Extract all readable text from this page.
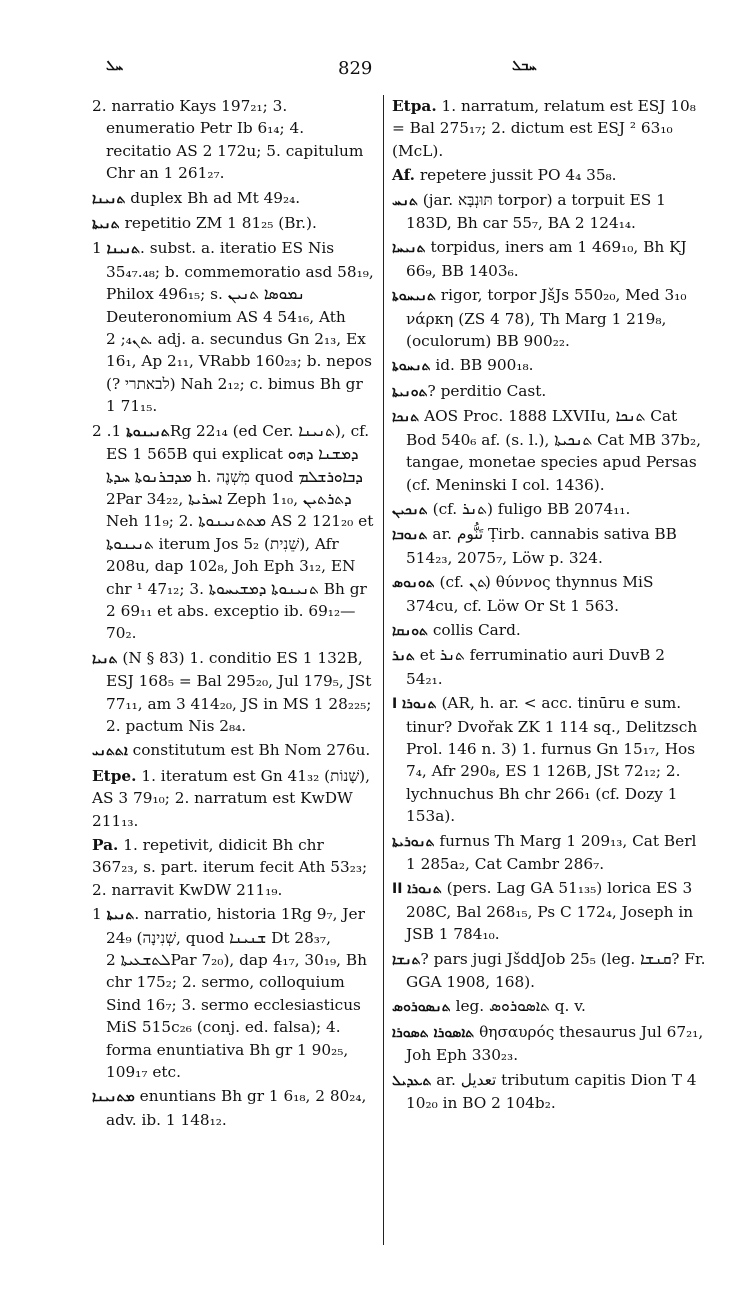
ܚܠ	829	ܚܒܠ

2. narratio Kays 197₂₁; 3. enumeratio Petr Ib 6₁₄; 4. recitatio AS 2 172u; 5. capitulum Chr an 1 261₂₇.

ܬܢܝܢܐ duplex Bh ad Mt 49₂₄.

ܬܢܝܬܐ repetitio ZM 1 81₂₅ (Br.).

ܬܢܝܢܐ 1. subst. a. iteratio ES Nis 35₄₇.₄₈; b. commemoratio asd 58₁₉, Philox 496₁₅; s. ܢܡܘܣܐ ܬܢܝܢ Deuteronomium AS 4 54₁₆, Ath ܬܢ₄; 2. adj. a. secundus Gn 2₁₃, Ex 16₁, Ap 2₁₁, VRabb 160₂₃; b. nepos (? לבאתרי) Nah 2₁₂; c. bimus Bh gr 1 71₁₅.

ܬܢܝܢܘܬܐ 1. 2Rg 22₁₄ (ed Cer. ܬܢܝܢܐ), cf. ES 1 565B qui explicat ܕܡܫܢܐ ܕܗܘ ܡܕܒܪܢܘܬܐ ܚܕܬܐ h. מִשְׁנֶה quod ܕܒܐܘܪܫܠܡ 2Par 34₂₂, ܐܚܪܝܬܐ Zeph 1₁₀, ܕܬܪܬܝܢ Neh 11₉; 2. ܡܬܬܢܝܢܘܬܐ AS 2 121₂₀ et ܬܢܝܢܘܬܐ iterum Jos 5₂ (שֵׁנִית), Afr 208u, dap 102₈, Joh Eph 3₁₂, EN chr ¹ 47₁₂; 3. ܬܢܝܢܘܬܐ ܕܡܫܝܚܘܬܐ Bh gr 2 69₁₁ et abs. exceptio ib. 69₁₂—70₂.

ܬܢܝܐ (N § 83) 1. conditio ES 1 132B, ESJ 168₅ = Bal 295₂₀, Jul 179₅, JSt 77₁₁, am 3 414₂₀, JS in MS 1 28₂₂₅; 2. pactum Nis 2₈₄.

ܐܬܬܢܝ constitutum est Bh Nom 276u.

Etpe. 1. iteratum est Gn 41₃₂ (שָׁנוֹת), AS 3 79₁₀; 2. narratum est KwDW 211₁₃.

Pa. 1. repetivit, didicit Bh chr 367₂₃, s. part. iterum fecit Ath 53₂₃; 2. narravit KwDW 211₁₉.

ܬܢܝܬܐ 1. narratio, historia 1Rg 9₇, Jer 24₉ (שְׁנִינָה, quod ܫܢܝܢܐ Dt 28₃₇, ܠܬܫܥܝܬܐ 2Par 7₂₀), dap 4₁₇, 30₁₉, Bh chr 175₂; 2. sermo, colloquium Sind 16₇; 3. sermo ecclesiasticus MiS 515c₂₆ (conj. ed. falsa); 4. forma enuntiativa Bh gr 1 90₂₅, 109₁₇ etc.

ܡܬܢܝܢܐ enuntians Bh gr 1 6₁₈, 2 80₂₄, adv. ib. 1 148₁₂.

Etpa. 1. narratum, relatum est ESJ 10₈ = Bal 275₁₇; 2. dictum est ESJ ² 63₁₀ (McL).

Af. repetere jussit PO 4₄ 35₈.

ܬܢܚ (jar. תּוּנְבָּא torpor) a torpuit ES 1 183D, Bh car 55₇, BA 2 124₁₄.

ܬܢܝܚܐ torpidus, iners am 1 469₁₀, Bh KJ 66₉, BB 1403₆.

ܬܢܝܚܘܬܐ rigor, torpor JšJs 550₂₀, Med 3₁₀ νάρκη (ZS 4 78), Th Marg 1 219₈, (oculorum) BB 900₂₂.

ܬܢܚܘܬܐ id. BB 900₁₈.

ܬܘܢܝܬܐ? perditio Cast.

ܬܢܟܐ AOS Proc. 1888 LXVIIu, ܬܢܟܐ Cat Bod 540₆ af. (s. l.), ܬܢܟܝܬܐ Cat MB 37b₂, tangae, monetae species apud Persas (cf. Meninski I col. 1436).

ܬܢܟܝܢ (cf. ܬܢܪ) fuligo BB 2074₁₁.

ܬܢܘܒܐ ar. تَنُّوم Ṭirb. cannabis sativa BB 514₂₃, 2075₇, Löw p. 324.

ܬܘܢܘܣ (cf. ܬܢ) θύννος thynnus MiS 374cu, cf. Löw Or St 1 563.

ܬܘܢܩܐ collis Card.

ܬܢܪ et ܬܢܪ ferruminatio auri DuvB 2 54₂₁.

I ܬܢܘܪܐ (AR, h. ar. < acc. tinūru e sum. tinur? Dvořak ZK 1 114 sq., Delitzsch Prol. 146 n. 3) 1. furnus Gn 15₁₇, Hos 7₄, Afr 290₈, ES 1 126B, JSt 72₁₂; 2. lychnuchus Bh chr 266₁ (cf. Dozy 1 153a).

ܬܢܘܪܝܬܐ furnus Th Marg 1 209₁₃, Cat Berl 1 285a₂, Cat Cambr 286₇.

II ܬܢܘܪܐ (pers. Lag GA 51₁₃₅) lorica ES 3 208C, Bal 268₁₅, Ps C 172₄, Joseph in JSB 1 784₁₀.

ܬܢܫܐ? pars jugi JšddJob 25₅ (leg. ܩܢܫܐ? Fr. GGA 1908, 168).

ܬܢܣܘܪܘܣ leg. ܬܐܣܘܪܘܣ q. v.

ܬܐܣܘܪܐ ܬܣܘܪܐ θησαυρός thesaurus Jul 67₂₁, Joh Eph 330₂₃.

ܬܥܕܝܠ ar. تعديل tributum capitis Dion T 4 10₂₀ in BO 2 104b₂.
